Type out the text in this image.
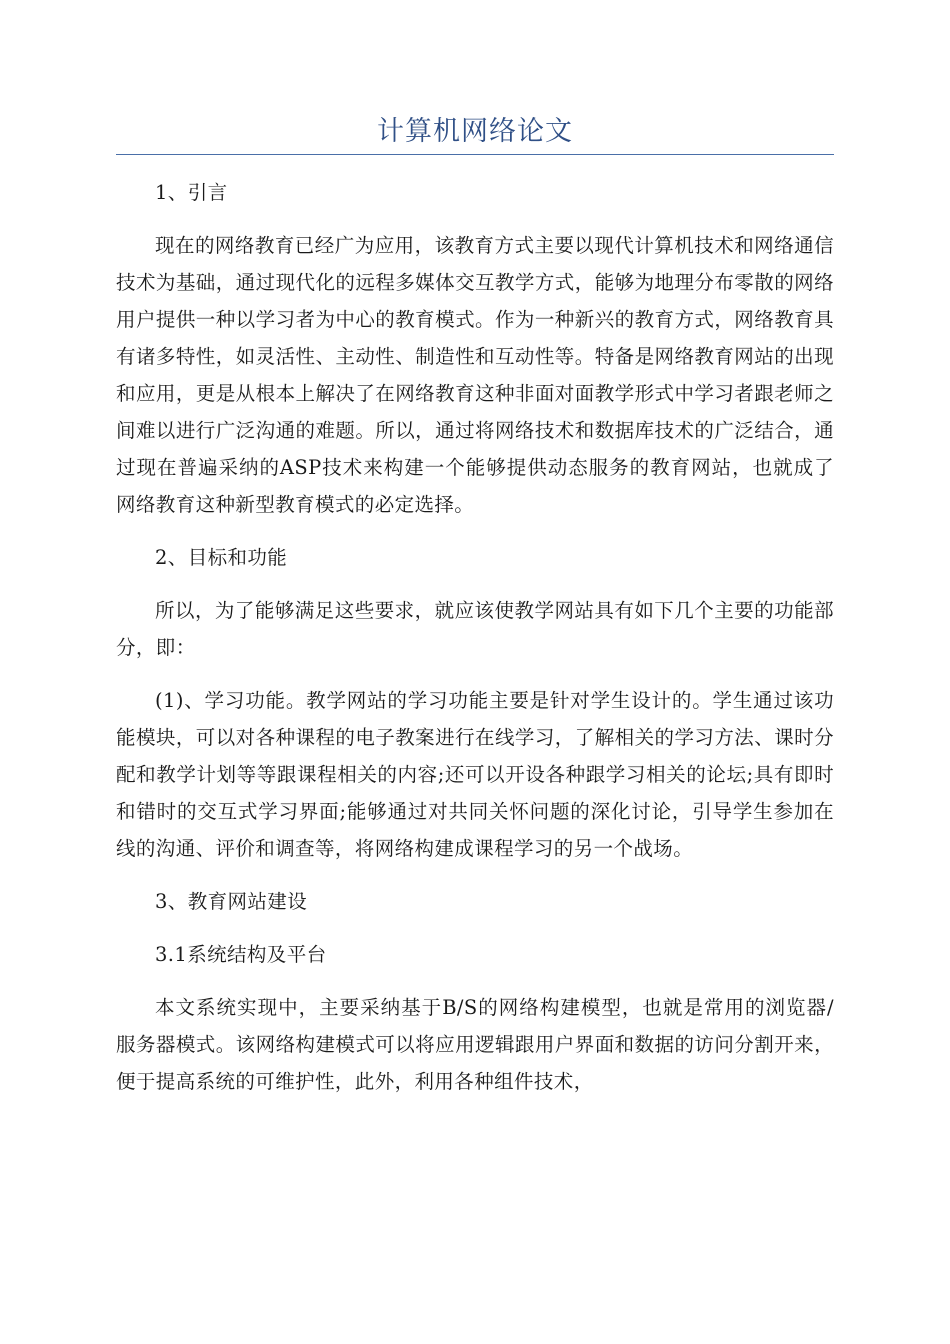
计算机网络论文

1、引言

现在的网络教育已经广为应用，该教育方式主要以现代计算机技术和网络通信技术为基础，通过现代化的远程多媒体交互教学方式，能够为地理分布零散的网络用户提供一种以学习者为中心的教育模式。作为一种新兴的教育方式，网络教育具有诸多特性，如灵活性、主动性、制造性和互动性等。特备是网络教育网站的出现和应用，更是从根本上解决了在网络教育这种非面对面教学形式中学习者跟老师之间难以进行广泛沟通的难题。所以，通过将网络技术和数据库技术的广泛结合，通过现在普遍采纳的ASP技术来构建一个能够提供动态服务的教育网站，也就成了网络教育这种新型教育模式的必定选择。

2、目标和功能

所以，为了能够满足这些要求，就应该使教学网站具有如下几个主要的功能部分，即：

(1)、学习功能。教学网站的学习功能主要是针对学生设计的。学生通过该功能模块，可以对各种课程的电子教案进行在线学习，了解相关的学习方法、课时分配和教学计划等等跟课程相关的内容;还可以开设各种跟学习相关的论坛;具有即时和错时的交互式学习界面;能够通过对共同关怀问题的深化讨论，引导学生参加在线的沟通、评价和调查等，将网络构建成课程学习的另一个战场。

3、教育网站建设

3.1系统结构及平台

本文系统实现中，主要采纳基于B/S的网络构建模型，也就是常用的浏览器/服务器模式。该网络构建模式可以将应用逻辑跟用户界面和数据的访问分割开来，便于提高系统的可维护性，此外，利用各种组件技术，
